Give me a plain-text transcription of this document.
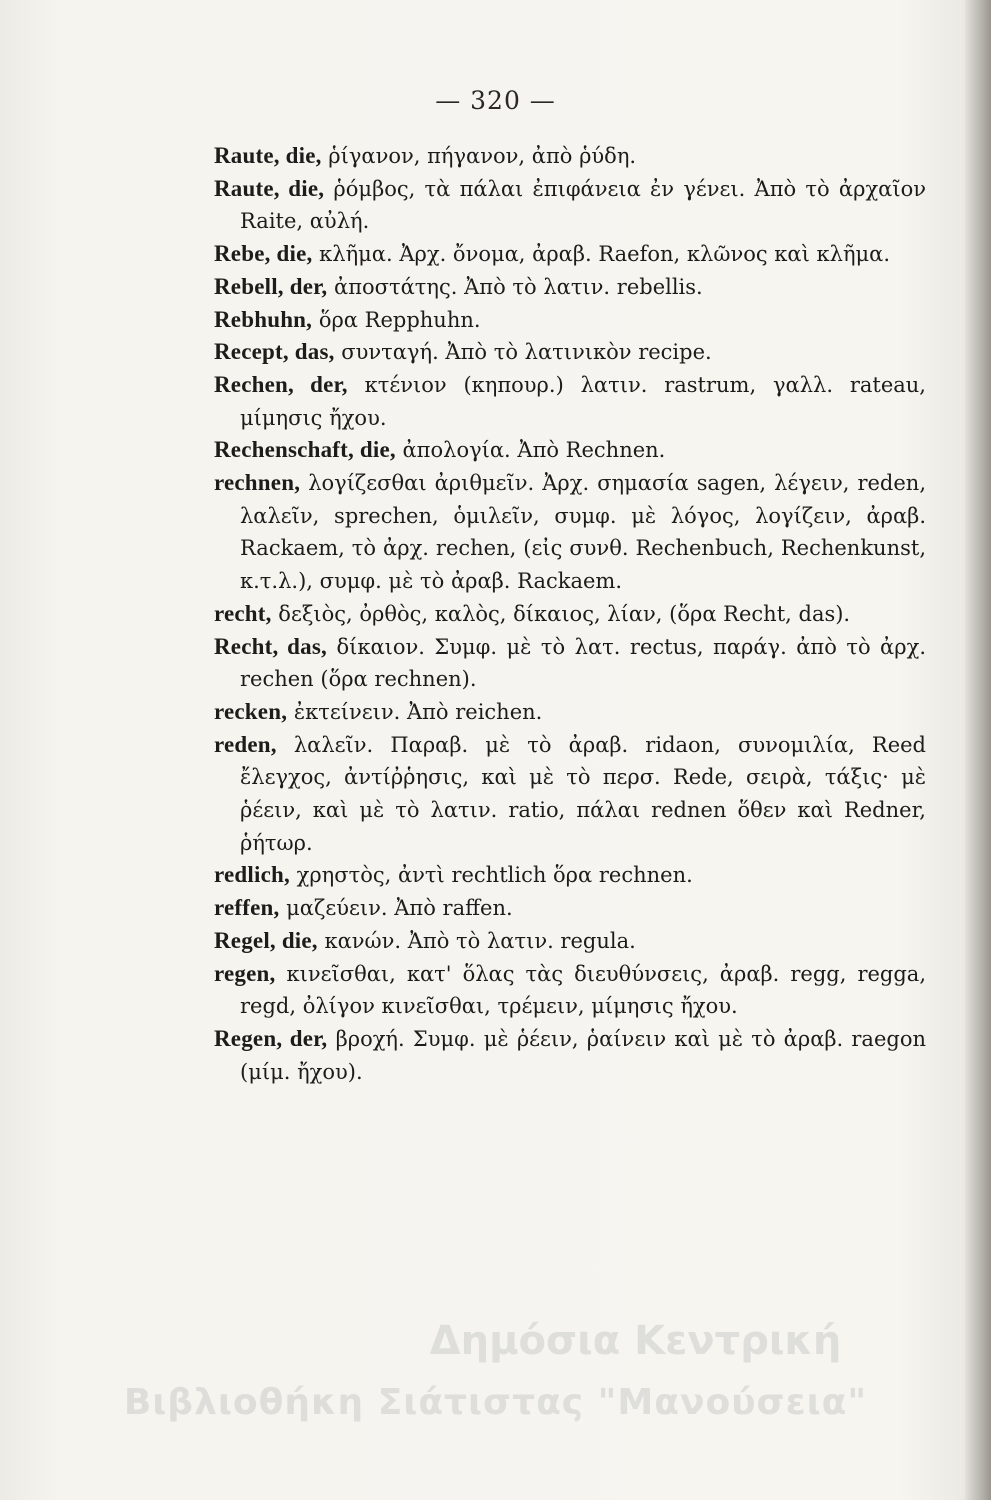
— 320 —

Raute, die, ῥίγανον, πήγανον, ἀπὸ ῥύδη.

Raute, die, ῥόμβος, τὰ πάλαι ἐπιφάνεια ἐν γένει. Ἀπὸ τὸ ἀρχαῖον Raite, αὐλή.

Rebe, die, κλῆμα. Ἀρχ. ὄνομα, ἀραβ. Raefon, κλῶνος καὶ κλῆμα.

Rebell, der, ἀποστάτης. Ἀπὸ τὸ λατιν. rebellis.

Rebhuhn, ὅρα Repphuhn.

Recept, das, συνταγή. Ἀπὸ τὸ λατινικὸν recipe.

Rechen, der, κτένιον (κηπουρ.) λατιν. rastrum, γαλλ. rateau, μίμησις ἤχου.

Rechenschaft, die, ἀπολογία. Ἀπὸ Rechnen.

rechnen, λογίζεσθαι ἀριθμεῖν. Ἀρχ. σημασία sagen, λέγειν, reden, λαλεῖν, sprechen, ὁμιλεῖν, συμφ. μὲ λόγος, λογίζειν, ἀραβ. Rackaem, τὸ ἀρχ. rechen, (εἰς συνθ. Rechenbuch, Rechenkunst, κ.τ.λ.), συμφ. μὲ τὸ ἀραβ. Rackaem.

recht, δεξιὸς, ὀρθὸς, καλὸς, δίκαιος, λίαν, (ὅρα Recht, das).

Recht, das, δίκαιον. Συμφ. μὲ τὸ λατ. rectus, παράγ. ἀπὸ τὸ ἀρχ. rechen (ὅρα rechnen).

recken, ἐκτείνειν. Ἀπὸ reichen.

reden, λαλεῖν. Παραβ. μὲ τὸ ἀραβ. ridaon, συνομιλία, Reed ἔλεγχος, ἀντίῤῥησις, καὶ μὲ τὸ περσ. Rede, σειρὰ, τάξις· μὲ ῥέειν, καὶ μὲ τὸ λατιν. ratio, πάλαι rednen ὅθεν καὶ Redner, ῥήτωρ.

redlich, χρηστὸς, ἀντὶ rechtlich ὅρα rechnen.

reffen, μαζεύειν. Ἀπὸ raffen.

Regel, die, κανών. Ἀπὸ τὸ λατιν. regula.

regen, κινεῖσθαι, κατ' ὅλας τὰς διευθύνσεις, ἀραβ. regg, regga, regd, ὀλίγον κινεῖσθαι, τρέμειν, μίμησις ἤχου.

Regen, der, βροχή. Συμφ. μὲ ῥέειν, ῥαίνειν καὶ μὲ τὸ ἀραβ. raegon (μίμ. ἤχου).

Δημόσια Κεντρική
Βιβλιοθήκη Σιάτιστας "Μανούσεια"
